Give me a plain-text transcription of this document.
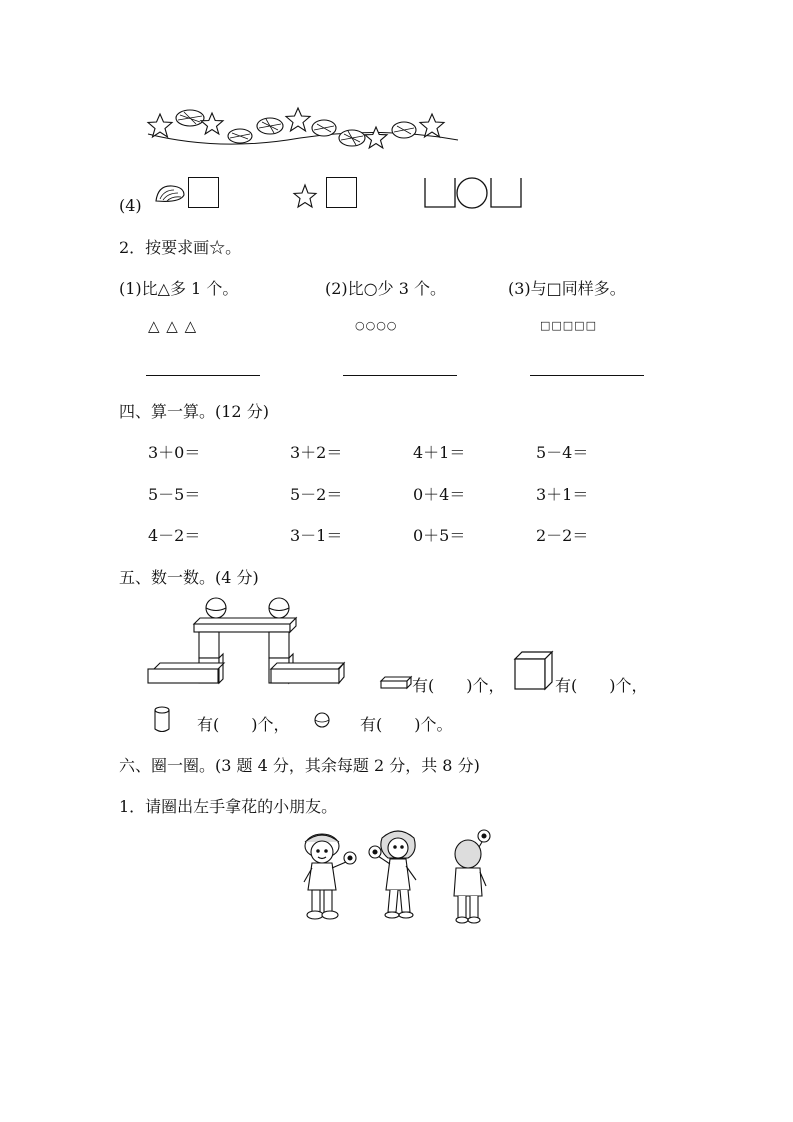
(4)
2．按要求画☆。
(1)比△多 1 个。	(2)比○少 3 个。	(3)与□同样多。
△ △ △	○○○○	□□□□□
四、算一算。(12 分)
3＋0＝	3＋2＝	4＋1＝	5－4＝
5－5＝	5－2＝	0＋4＝	3＋1＝
4－2＝	3－1＝	0＋5＝	2－2＝
五、数一数。(4 分)
有(　　)个，	有(　　)个，
有(　　)个，	有(　　)个。
六、圈一圈。(3 题 4 分，其余每题 2 分，共 8 分)
1．请圈出左手拿花的小朋友。
